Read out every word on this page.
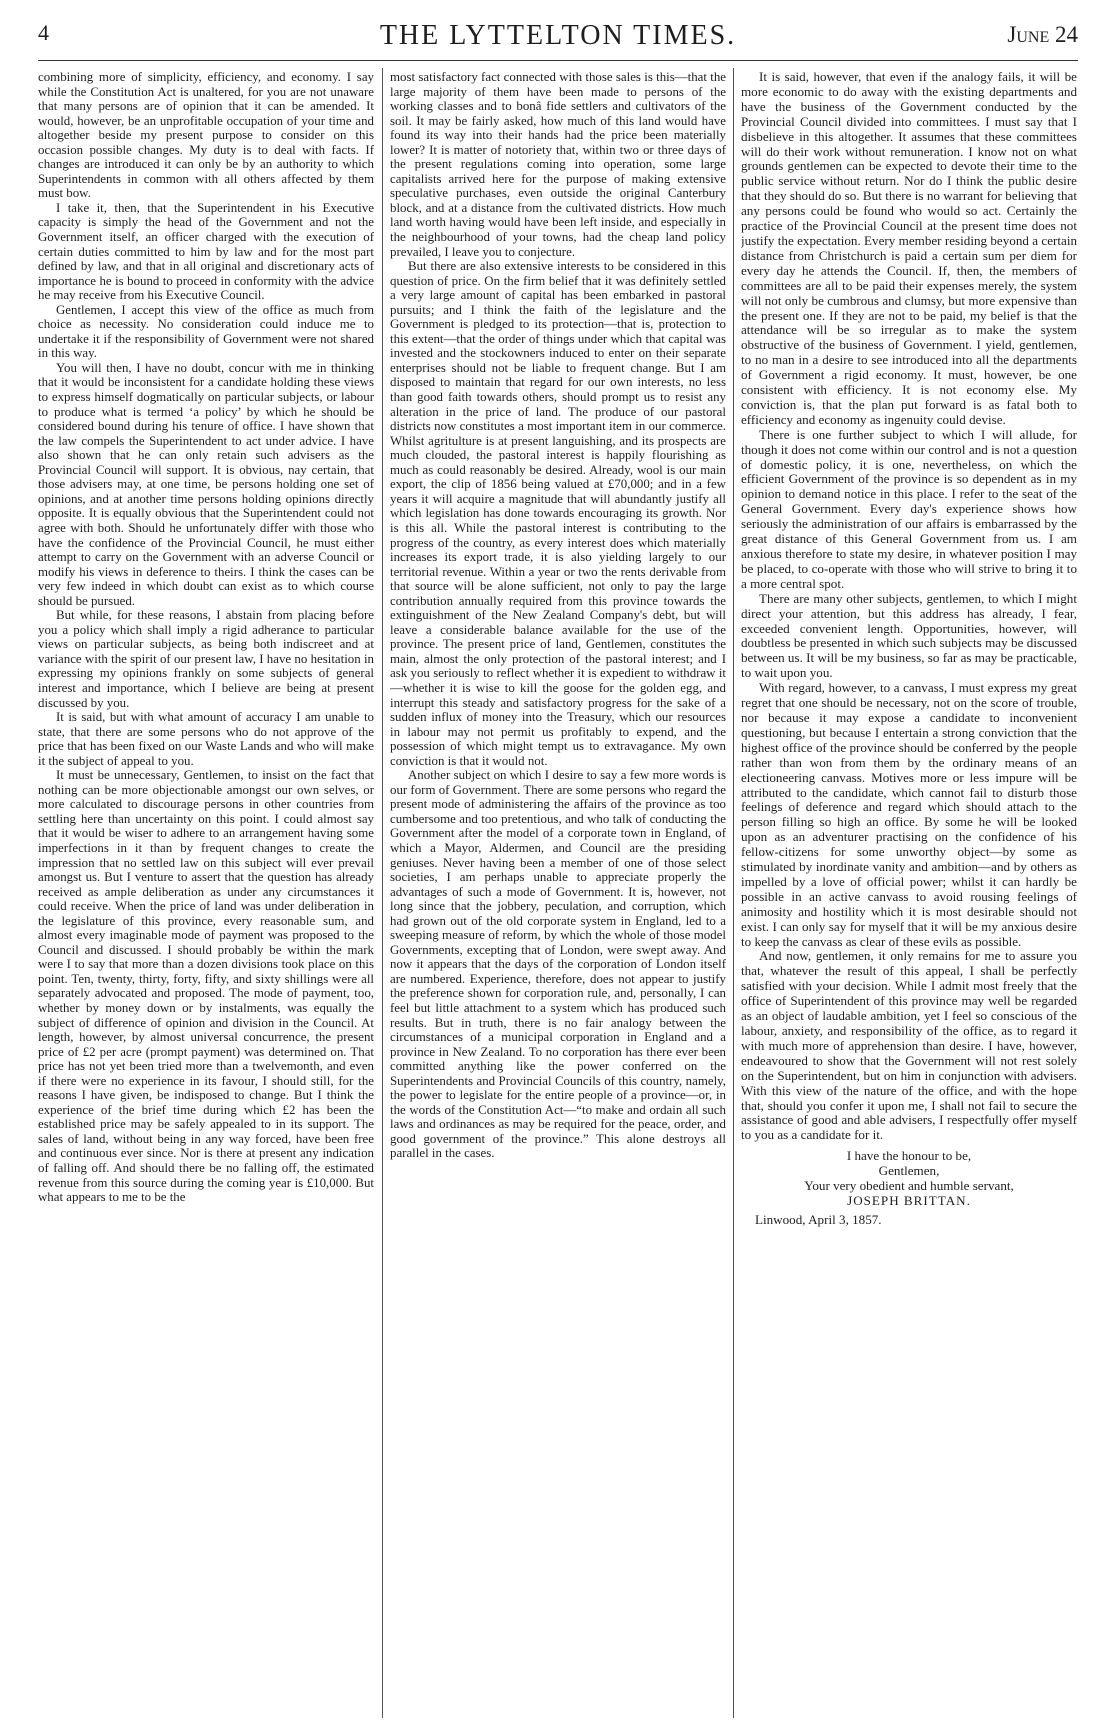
4	THE LYTTELTON TIMES.	June 24

combining more of simplicity, efficiency, and economy. I say while the Constitution Act is unaltered, for you are not unaware that many persons are of opinion that it can be amended. It would, however, be an unprofitable occupation of your time and altogether beside my present purpose to consider on this occasion possible changes. My duty is to deal with facts. If changes are introduced it can only be by an authority to which Superintendents in common with all others affected by them must bow.

I take it, then, that the Superintendent in his Executive capacity is simply the head of the Government and not the Government itself, an officer charged with the execution of certain duties committed to him by law and for the most part defined by law, and that in all original and discretionary acts of importance he is bound to proceed in conformity with the advice he may receive from his Executive Council.

Gentlemen, I accept this view of the office as much from choice as necessity. No consideration could induce me to undertake it if the responsibility of Government were not shared in this way.

You will then, I have no doubt, concur with me in thinking that it would be inconsistent for a candidate holding these views to express himself dogmatically on particular subjects, or labour to produce what is termed ‘a policy’ by which he should be considered bound during his tenure of office. I have shown that the law compels the Superintendent to act under advice. I have also shown that he can only retain such advisers as the Provincial Council will support. It is obvious, nay certain, that those advisers may, at one time, be persons holding one set of opinions, and at another time persons holding opinions directly opposite. It is equally obvious that the Superintendent could not agree with both. Should he unfortunately differ with those who have the confidence of the Provincial Council, he must either attempt to carry on the Government with an adverse Council or modify his views in deference to theirs. I think the cases can be very few indeed in which doubt can exist as to which course should be pursued.

But while, for these reasons, I abstain from placing before you a policy which shall imply a rigid adherance to particular views on particular subjects, as being both indiscreet and at variance with the spirit of our present law, I have no hesitation in expressing my opinions frankly on some subjects of general interest and importance, which I believe are being at present discussed by you.

It is said, but with what amount of accuracy I am unable to state, that there are some persons who do not approve of the price that has been fixed on our Waste Lands and who will make it the subject of appeal to you.

It must be unnecessary, Gentlemen, to insist on the fact that nothing can be more objectionable amongst our own selves, or more calculated to discourage persons in other countries from settling here than uncertainty on this point. I could almost say that it would be wiser to adhere to an arrangement having some imperfections in it than by frequent changes to create the impression that no settled law on this subject will ever prevail amongst us. But I venture to assert that the question has already received as ample deliberation as under any circumstances it could receive. When the price of land was under deliberation in the legislature of this province, every reasonable sum, and almost every imaginable mode of payment was proposed to the Council and discussed. I should probably be within the mark were I to say that more than a dozen divisions took place on this point. Ten, twenty, thirty, forty, fifty, and sixty shillings were all separately advocated and proposed. The mode of payment, too, whether by money down or by instalments, was equally the subject of difference of opinion and division in the Council. At length, however, by almost universal concurrence, the present price of £2 per acre (prompt payment) was determined on. That price has not yet been tried more than a twelvemonth, and even if there were no experience in its favour, I should still, for the reasons I have given, be indisposed to change. But I think the experience of the brief time during which £2 has been the established price may be safely appealed to in its support. The sales of land, without being in any way forced, have been free and continuous ever since. Nor is there at present any indication of falling off. And should there be no falling off, the estimated revenue from this source during the coming year is £10,000. But what appears to me to be the

most satisfactory fact connected with those sales is this—that the large majority of them have been made to persons of the working classes and to bonâ fide settlers and cultivators of the soil. It may be fairly asked, how much of this land would have found its way into their hands had the price been materially lower? It is matter of notoriety that, within two or three days of the present regulations coming into operation, some large capitalists arrived here for the purpose of making extensive speculative purchases, even outside the original Canterbury block, and at a distance from the cultivated districts. How much land worth having would have been left inside, and especially in the neighbourhood of your towns, had the cheap land policy prevailed, I leave you to conjecture.

But there are also extensive interests to be considered in this question of price. On the firm belief that it was definitely settled a very large amount of capital has been embarked in pastoral pursuits; and I think the faith of the legislature and the Government is pledged to its protection—that is, protection to this extent—that the order of things under which that capital was invested and the stockowners induced to enter on their separate enterprises should not be liable to frequent change. But I am disposed to maintain that regard for our own interests, no less than good faith towards others, should prompt us to resist any alteration in the price of land. The produce of our pastoral districts now constitutes a most important item in our commerce. Whilst agritulture is at present languishing, and its prospects are much clouded, the pastoral interest is happily flourishing as much as could reasonably be desired. Already, wool is our main export, the clip of 1856 being valued at £70,000; and in a few years it will acquire a magnitude that will abundantly justify all which legislation has done towards encouraging its growth. Nor is this all. While the pastoral interest is contributing to the progress of the country, as every interest does which materially increases its export trade, it is also yielding largely to our territorial revenue. Within a year or two the rents derivable from that source will be alone sufficient, not only to pay the large contribution annually required from this province towards the extinguishment of the New Zealand Company's debt, but will leave a considerable balance available for the use of the province. The present price of land, Gentlemen, constitutes the main, almost the only protection of the pastoral interest; and I ask you seriously to reflect whether it is expedient to withdraw it—whether it is wise to kill the goose for the golden egg, and interrupt this steady and satisfactory progress for the sake of a sudden influx of money into the Treasury, which our resources in labour may not permit us profitably to expend, and the possession of which might tempt us to extravagance. My own conviction is that it would not.

Another subject on which I desire to say a few more words is our form of Government. There are some persons who regard the present mode of administering the affairs of the province as too cumbersome and too pretentious, and who talk of conducting the Government after the model of a corporate town in England, of which a Mayor, Aldermen, and Council are the presiding geniuses. Never having been a member of one of those select societies, I am perhaps unable to appreciate properly the advantages of such a mode of Government. It is, however, not long since that the jobbery, peculation, and corruption, which had grown out of the old corporate system in England, led to a sweeping measure of reform, by which the whole of those model Governments, excepting that of London, were swept away. And now it appears that the days of the corporation of London itself are numbered. Experience, therefore, does not appear to justify the preference shown for corporation rule, and, personally, I can feel but little attachment to a system which has produced such results. But in truth, there is no fair analogy between the circumstances of a municipal corporation in England and a province in New Zealand. To no corporation has there ever been committed anything like the power conferred on the Superintendents and Provincial Councils of this country, namely, the power to legislate for the entire people of a province—or, in the words of the Constitution Act—“to make and ordain all such laws and ordinances as may be required for the peace, order, and good government of the province.” This alone destroys all parallel in the cases.

It is said, however, that even if the analogy fails, it will be more economic to do away with the existing departments and have the business of the Government conducted by the Provincial Council divided into committees. I must say that I disbelieve in this altogether. It assumes that these committees will do their work without remuneration. I know not on what grounds gentlemen can be expected to devote their time to the public service without return. Nor do I think the public desire that they should do so. But there is no warrant for believing that any persons could be found who would so act. Certainly the practice of the Provincial Council at the present time does not justify the expectation. Every member residing beyond a certain distance from Christchurch is paid a certain sum per diem for every day he attends the Council. If, then, the members of committees are all to be paid their expenses merely, the system will not only be cumbrous and clumsy, but more expensive than the present one. If they are not to be paid, my belief is that the attendance will be so irregular as to make the system obstructive of the business of Government. I yield, gentlemen, to no man in a desire to see introduced into all the departments of Government a rigid economy. It must, however, be one consistent with efficiency. It is not economy else. My conviction is, that the plan put forward is as fatal both to efficiency and economy as ingenuity could devise.

There is one further subject to which I will allude, for though it does not come within our control and is not a question of domestic policy, it is one, nevertheless, on which the efficient Government of the province is so dependent as in my opinion to demand notice in this place. I refer to the seat of the General Government. Every day's experience shows how seriously the administration of our affairs is embarrassed by the great distance of this General Government from us. I am anxious therefore to state my desire, in whatever position I may be placed, to co-operate with those who will strive to bring it to a more central spot.

There are many other subjects, gentlemen, to which I might direct your attention, but this address has already, I fear, exceeded convenient length. Opportunities, however, will doubtless be presented in which such subjects may be discussed between us. It will be my business, so far as may be practicable, to wait upon you.

With regard, however, to a canvass, I must express my great regret that one should be necessary, not on the score of trouble, nor because it may expose a candidate to inconvenient questioning, but because I entertain a strong conviction that the highest office of the province should be conferred by the people rather than won from them by the ordinary means of an electioneering canvass. Motives more or less impure will be attributed to the candidate, which cannot fail to disturb those feelings of deference and regard which should attach to the person filling so high an office. By some he will be looked upon as an adventurer practising on the confidence of his fellow-citizens for some unworthy object—by some as stimulated by inordinate vanity and ambition—and by others as impelled by a love of official power; whilst it can hardly be possible in an active canvass to avoid rousing feelings of animosity and hostility which it is most desirable should not exist. I can only say for myself that it will be my anxious desire to keep the canvass as clear of these evils as possible.

And now, gentlemen, it only remains for me to assure you that, whatever the result of this appeal, I shall be perfectly satisfied with your decision. While I admit most freely that the office of Superintendent of this province may well be regarded as an object of laudable ambition, yet I feel so conscious of the labour, anxiety, and responsibility of the office, as to regard it with much more of apprehension than desire. I have, however, endeavoured to show that the Government will not rest solely on the Superintendent, but on him in conjunction with advisers. With this view of the nature of the office, and with the hope that, should you confer it upon me, I shall not fail to secure the assistance of good and able advisers, I respectfully offer myself to you as a candidate for it.

I have the honour to be,
Gentlemen,
Your very obedient and humble servant,
JOSEPH BRITTAN.
Linwood, April 3, 1857.
